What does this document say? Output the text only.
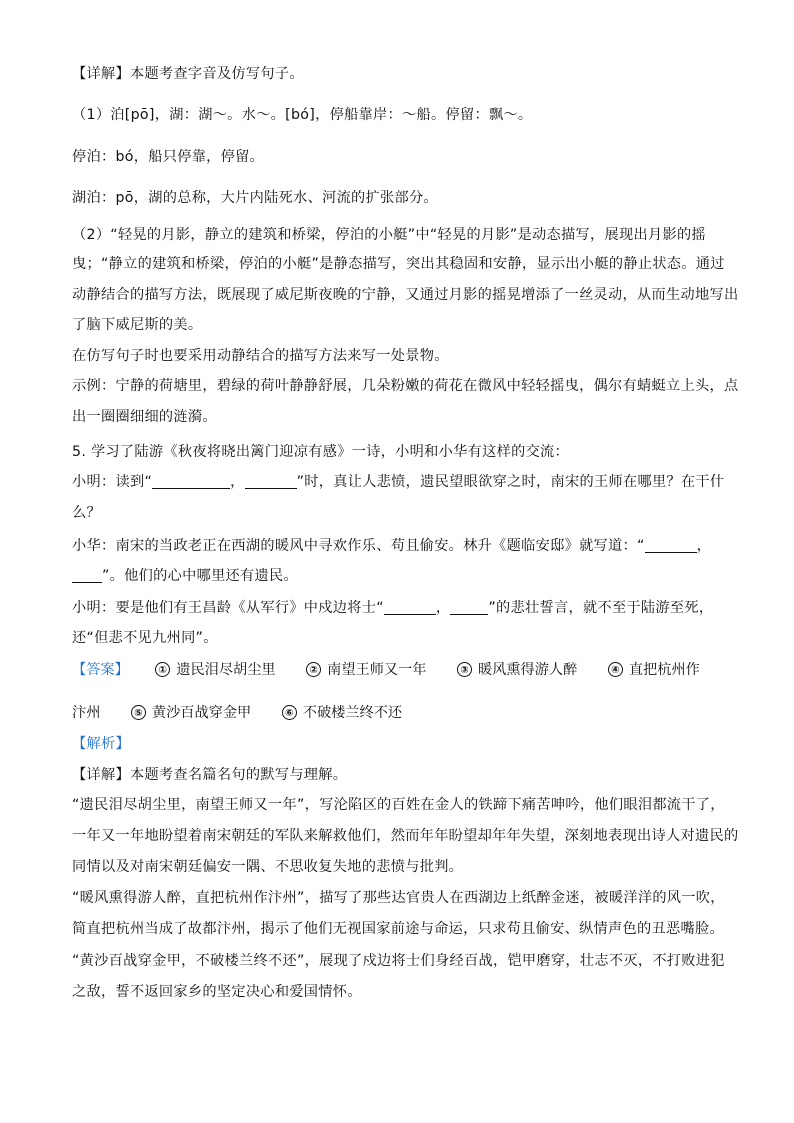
【详解】本题考查字音及仿写句子。
（1）泊[pō]，湖：湖～。水～。[bó]，停船靠岸：～船。停留：飘～。
停泊：bó，船只停靠，停留。
湖泊：pō，湖的总称，大片内陆死水、河流的扩张部分。
（2）“轻晃的月影，静立的建筑和桥梁，停泊的小艇”中“轻晃的月影”是动态描写，展现出月影的摇
曳；“静立的建筑和桥梁，停泊的小艇”是静态描写，突出其稳固和安静，显示出小艇的静止状态。通过
动静结合的描写方法，既展现了威尼斯夜晚的宁静，又通过月影的摇晃增添了一丝灵动，从而生动地写出
了脑下威尼斯的美。
在仿写句子时也要采用动静结合的描写方法来写一处景物。
示例：宁静的荷塘里，碧绿的荷叶静静舒展，几朵粉嫩的荷花在微风中轻轻摇曳，偶尔有蜻蜓立上头，点
出一圈圈细细的涟漪。
5. 学习了陆游《秋夜将晓出篱门迎凉有感》一诗，小明和小华有这样的交流：
小明：读到“	，	”时，真让人悲愤，遗民望眼欲穿之时，南宋的王师在哪里？在干什
么？
小华：南宋的当政老正在西湖的暖风中寻欢作乐、苟且偷安。林升《题临安邸》就写道：“	，
”。他们的心中哪里还有遗民。
小明：要是他们有王昌龄《从军行》中戍边将士“	，	”的悲壮誓言，就不至于陆游至死，
还“但悲不见九州同”。
【答案】	① 遗民泪尽胡尘里	② 南望王师又一年	③ 暖风熏得游人醉	④ 直把杭州作
汴州	⑤ 黄沙百战穿金甲	⑥ 不破楼兰终不还
【解析】
【详解】本题考查名篇名句的默写与理解。
“遗民泪尽胡尘里，南望王师又一年”，写沦陷区的百姓在金人的铁蹄下痛苦呻吟，他们眼泪都流干了，
一年又一年地盼望着南宋朝廷的军队来解救他们，然而年年盼望却年年失望，深刻地表现出诗人对遗民的
同情以及对南宋朝廷偏安一隅、不思收复失地的悲愤与批判。
“暖风熏得游人醉，直把杭州作汴州”，描写了那些达官贵人在西湖边上纸醉金迷，被暖洋洋的风一吹，
简直把杭州当成了故都汴州，揭示了他们无视国家前途与命运，只求苟且偷安、纵情声色的丑恶嘴脸。
“黄沙百战穿金甲，不破楼兰终不还”，展现了戍边将士们身经百战，铠甲磨穿，壮志不灭，不打败进犯
之敌，誓不返回家乡的坚定决心和爱国情怀。
